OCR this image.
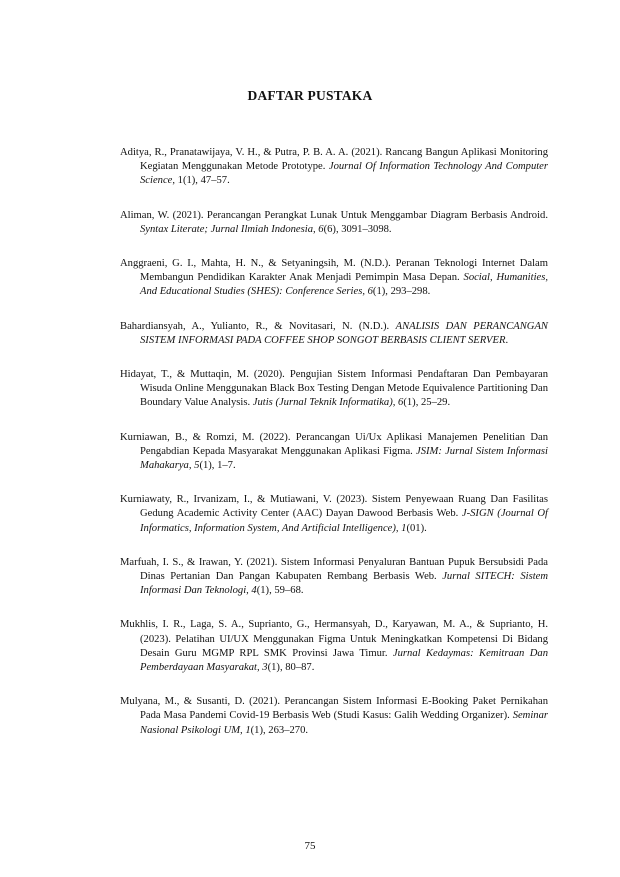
DAFTAR PUSTAKA

Aditya, R., Pranatawijaya, V. H., & Putra, P. B. A. A. (2021). Rancang Bangun Aplikasi Monitoring Kegiatan Menggunakan Metode Prototype. Journal Of Information Technology And Computer Science, 1(1), 47–57.

Aliman, W. (2021). Perancangan Perangkat Lunak Untuk Menggambar Diagram Berbasis Android. Syntax Literate; Jurnal Ilmiah Indonesia, 6(6), 3091–3098.

Anggraeni, G. I., Mahta, H. N., & Setyaningsih, M. (N.D.). Peranan Teknologi Internet Dalam Membangun Pendidikan Karakter Anak Menjadi Pemimpin Masa Depan. Social, Humanities, And Educational Studies (SHES): Conference Series, 6(1), 293–298.

Bahardiansyah, A., Yulianto, R., & Novitasari, N. (N.D.). ANALISIS DAN PERANCANGAN SISTEM INFORMASI PADA COFFEE SHOP SONGOT BERBASIS CLIENT SERVER.

Hidayat, T., & Muttaqin, M. (2020). Pengujian Sistem Informasi Pendaftaran Dan Pembayaran Wisuda Online Menggunakan Black Box Testing Dengan Metode Equivalence Partitioning Dan Boundary Value Analysis. Jutis (Jurnal Teknik Informatika), 6(1), 25–29.

Kurniawan, B., & Romzi, M. (2022). Perancangan Ui/Ux Aplikasi Manajemen Penelitian Dan Pengabdian Kepada Masyarakat Menggunakan Aplikasi Figma. JSIM: Jurnal Sistem Informasi Mahakarya, 5(1), 1–7.

Kurniawaty, R., Irvanizam, I., & Mutiawani, V. (2023). Sistem Penyewaan Ruang Dan Fasilitas Gedung Academic Activity Center (AAC) Dayan Dawood Berbasis Web. J-SIGN (Journal Of Informatics, Information System, And Artificial Intelligence), 1(01).

Marfuah, I. S., & Irawan, Y. (2021). Sistem Informasi Penyaluran Bantuan Pupuk Bersubsidi Pada Dinas Pertanian Dan Pangan Kabupaten Rembang Berbasis Web. Jurnal SITECH: Sistem Informasi Dan Teknologi, 4(1), 59–68.

Mukhlis, I. R., Laga, S. A., Suprianto, G., Hermansyah, D., Karyawan, M. A., & Suprianto, H. (2023). Pelatihan UI/UX Menggunakan Figma Untuk Meningkatkan Kompetensi Di Bidang Desain Guru MGMP RPL SMK Provinsi Jawa Timur. Jurnal Kedaymas: Kemitraan Dan Pemberdayaan Masyarakat, 3(1), 80–87.

Mulyana, M., & Susanti, D. (2021). Perancangan Sistem Informasi E-Booking Paket Pernikahan Pada Masa Pandemi Covid-19 Berbasis Web (Studi Kasus: Galih Wedding Organizer). Seminar Nasional Psikologi UM, 1(1), 263–270.

75
